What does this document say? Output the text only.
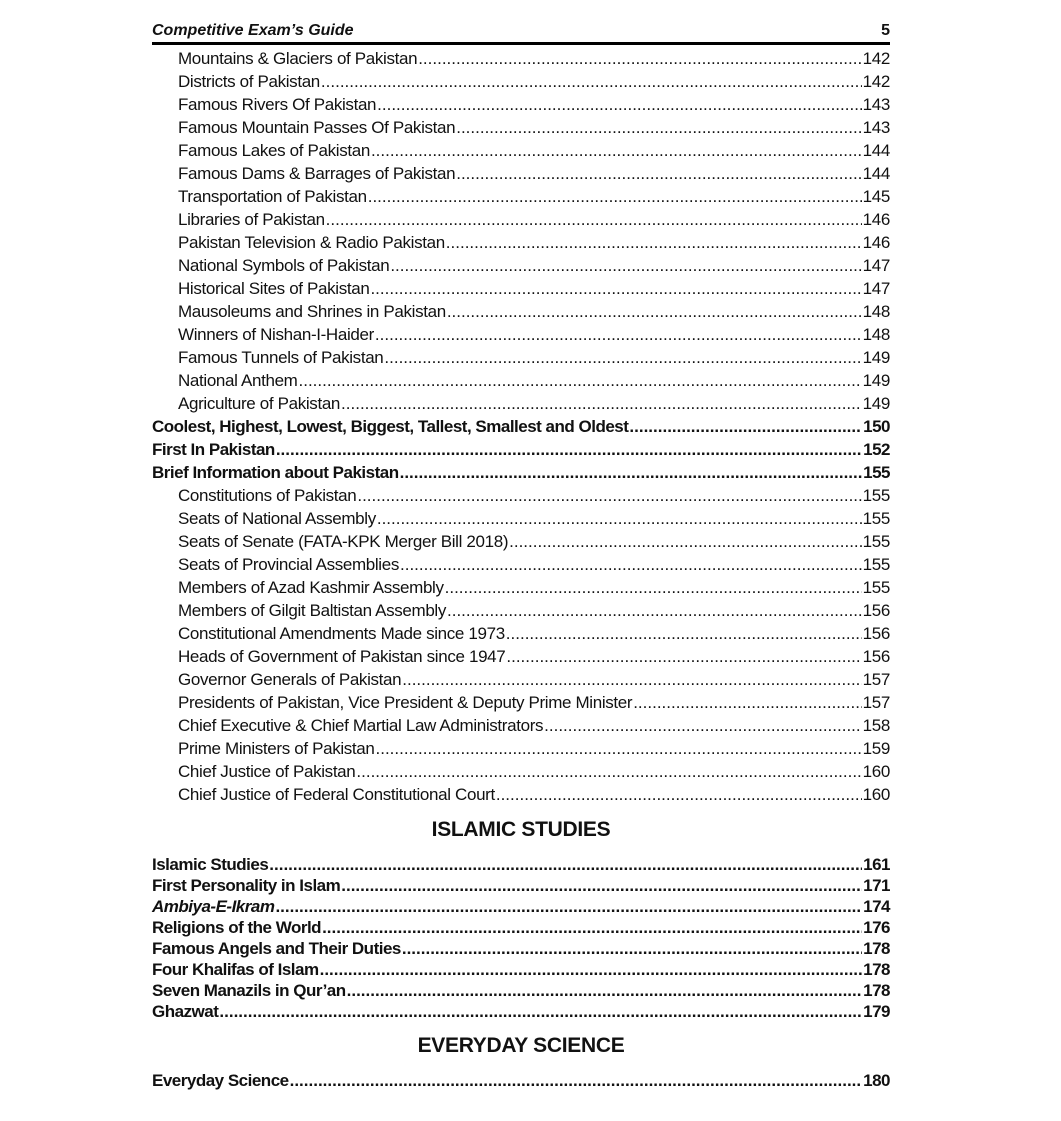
Competitive Exam’s Guide	5
Mountains & Glaciers of Pakistan .....	142
Districts of Pakistan .....	142
Famous Rivers Of Pakistan .....	143
Famous Mountain Passes Of Pakistan .....	143
Famous Lakes of Pakistan .....	144
Famous Dams & Barrages of Pakistan .....	144
Transportation of Pakistan .....	145
Libraries of Pakistan .....	146
Pakistan Television & Radio Pakistan .....	146
National Symbols of Pakistan .....	147
Historical Sites of Pakistan .....	147
Mausoleums and Shrines in Pakistan .....	148
Winners of Nishan-I-Haider .....	148
Famous Tunnels of Pakistan .....	149
National Anthem .....	149
Agriculture of Pakistan .....	149
Coolest, Highest, Lowest, Biggest, Tallest, Smallest and Oldest .....	150
First In Pakistan .....	152
Brief Information about Pakistan .....	155
Constitutions of Pakistan .....	155
Seats of National Assembly .....	155
Seats of Senate (FATA-KPK Merger Bill 2018) .....	155
Seats of Provincial Assemblies .....	155
Members of Azad Kashmir Assembly .....	155
Members of Gilgit Baltistan Assembly .....	156
Constitutional Amendments Made since 1973 .....	156
Heads of Government of Pakistan since 1947 .....	156
Governor Generals of Pakistan .....	157
Presidents of Pakistan, Vice President & Deputy Prime Minister .....	157
Chief Executive & Chief Martial Law Administrators .....	158
Prime Ministers of Pakistan .....	159
Chief Justice of Pakistan .....	160
Chief Justice of Federal Constitutional Court .....	160
ISLAMIC STUDIES
Islamic Studies .....	161
First Personality in Islam .....	171
Ambiya-E-Ikram .....	174
Religions of the World .....	176
Famous Angels and Their Duties .....	178
Four Khalifas of Islam .....	178
Seven Manazils in Qur’an .....	178
Ghazwat .....	179
EVERYDAY SCIENCE
Everyday Science .....	180
